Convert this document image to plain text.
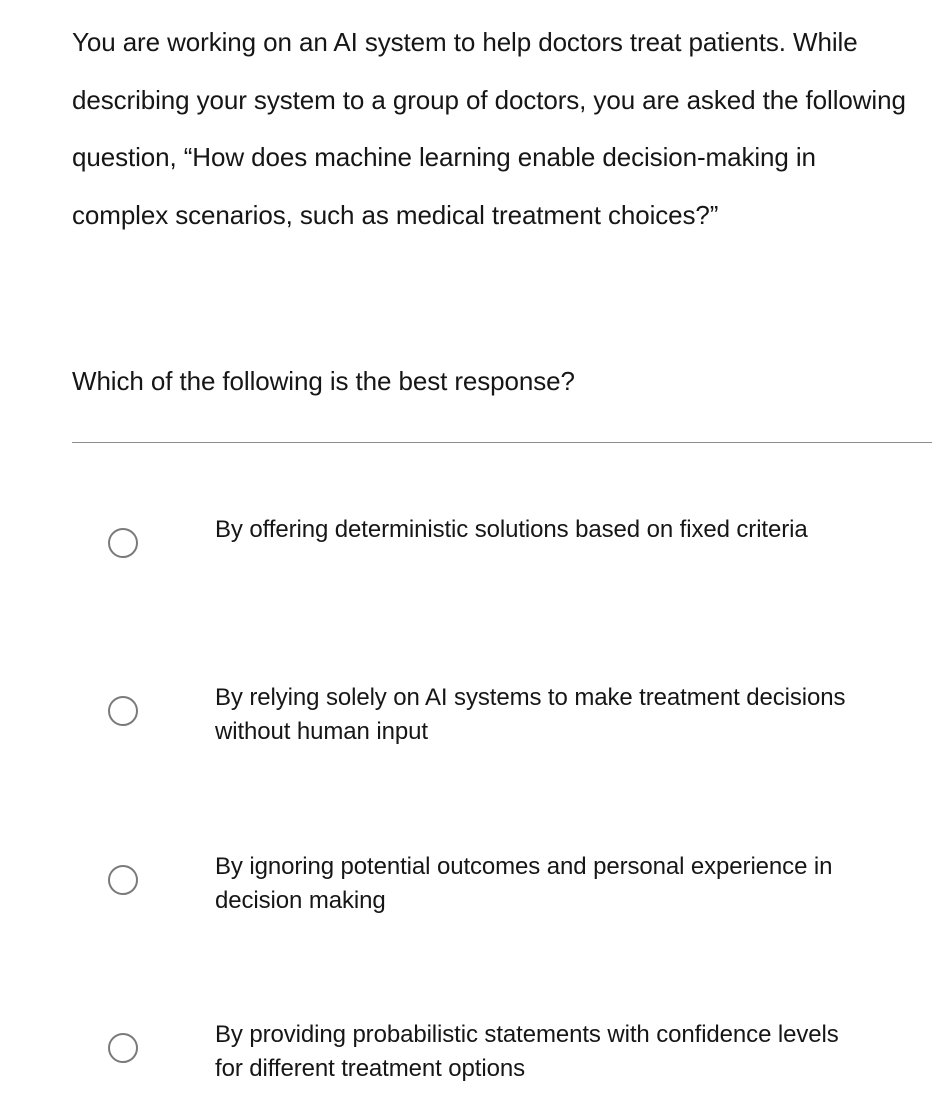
You are working on an AI system to help doctors treat patients. While describing your system to a group of doctors, you are asked the following question, “How does machine learning enable decision-making in complex scenarios, such as medical treatment choices?”

Which of the following is the best response?

By offering deterministic solutions based on fixed criteria
By relying solely on AI systems to make treatment decisions without human input
By ignoring potential outcomes and personal experience in decision making
By providing probabilistic statements with confidence levels for different treatment options
